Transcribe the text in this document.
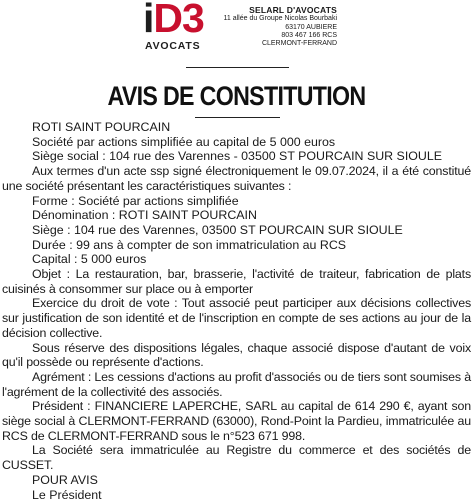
iD3
AVOCATS
SELARL D'AVOCATS
11 allée du Groupe Nicolas Bourbaki
63170 AUBIERE
803 467 166 RCS
CLERMONT-FERRAND
AVIS DE CONSTITUTION

ROTI SAINT POURCAIN

Société par actions simplifiée au capital de 5 000 euros

Siège social : 104 rue des Varennes - 03500 ST POURCAIN SUR SIOULE

Aux termes d'un acte ssp signé électroniquement le 09.07.2024, il a été constitué une société présentant les caractéristiques suivantes :

Forme : Société par actions simplifiée

Dénomination : ROTI SAINT POURCAIN

Siège : 104 rue des Varennes, 03500 ST POURCAIN SUR SIOULE

Durée : 99 ans à compter de son immatriculation au RCS

Capital : 5 000 euros

Objet : La restauration, bar, brasserie, l'activité de traiteur, fabrication de plats cuisinés à consommer sur place ou à emporter

Exercice du droit de vote : Tout associé peut participer aux décisions collectives sur justification de son identité et de l'inscription en compte de ses actions au jour de la décision collective.

Sous réserve des dispositions légales, chaque associé dispose d'autant de voix qu'il possède ou représente d'actions.

Agrément : Les cessions d'actions au profit d'associés ou de tiers sont soumises à l'agrément de la collectivité des associés.

Président : FINANCIERE LAPERCHE, SARL au capital de 614 290 €, ayant son siège social à CLERMONT-FERRAND (63000), Rond-Point la Pardieu, immatriculée au RCS de CLERMONT-FERRAND sous le n°523 671 998.

La Société sera immatriculée au Registre du commerce et des sociétés de CUSSET.

POUR AVIS

Le Président
